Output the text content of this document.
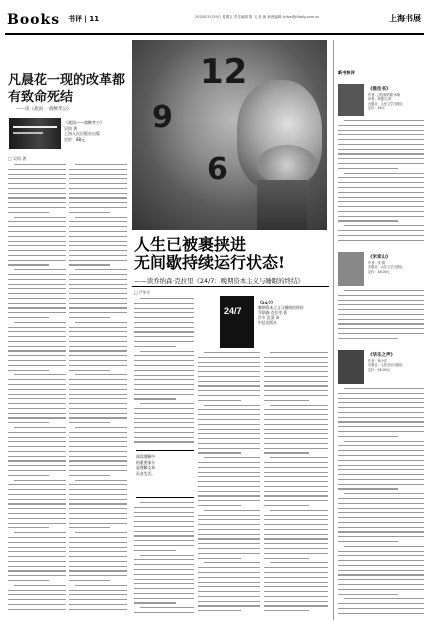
Books 书评 | 11	2020年5月29日 星期五 责任编辑 陈 飞 美 朗 新晨编辑 fylive@jfdaily.com.cn	上海书展
凡晨花一现的改革都有致命死结
——读《战国 一商鞅孝公》
《战国——商鞅孝公》
吴钩 著
上海人民出版社出版
定价：88元
□ 吴钩 著
12
9
6
人生已被裹挟进
无间歇持续运行状态!
——读乔纳森·克拉里《24/7：晚期资本主义与睡眠的终结》
□ 严华平
24/7
《24/7》
晚期资本主义与睡眠的终结
乔纳森·克拉里 著
许多 沈清 译
中信出版社
阅读理解中
的重要部分
是理解文本
而非生活。
新书快评
《推拉书》
作者：[美]唐纳德·米勒
译者：周强/王婷
出版社：人民文学出版社
定价：46元
《米家山》
作者：李 娟
出版社：山东文艺出版社
定价：48.00元
《华乐之声》
作者：杨小洋
出版社：人民音乐出版社
定价：58.00元
